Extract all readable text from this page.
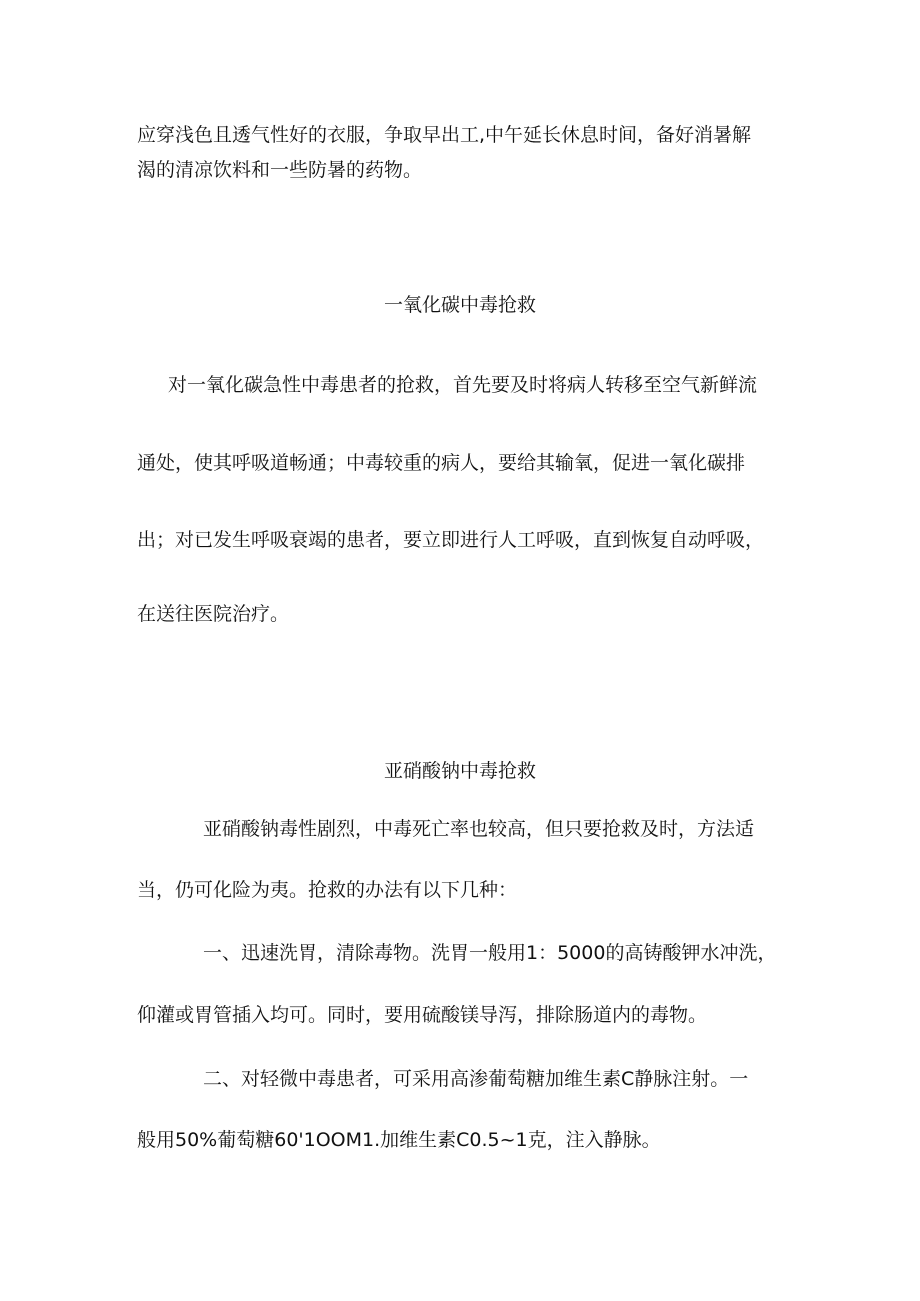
应穿浅色且透气性好的衣服，争取早出工,中午延长休息时间，备好消暑解

渴的清凉饮料和一些防暑的药物。

一氧化碳中毒抢救

对一氧化碳急性中毒患者的抢救，首先要及时将病人转移至空气新鲜流

通处，使其呼吸道畅通；中毒较重的病人，要给其输氧，促进一氧化碳排

出；对已发生呼吸衰竭的患者，要立即进行人工呼吸，直到恢复自动呼吸，

在送往医院治疗。

亚硝酸钠中毒抢救

亚硝酸钠毒性剧烈，中毒死亡率也较高，但只要抢救及时，方法适

当，仍可化险为夷。抢救的办法有以下几种：

一、迅速洗胃，清除毒物。洗胃一般用1：5000的高铸酸钾水冲洗，

仰灌或胃管插入均可。同时，要用硫酸镁导泻，排除肠道内的毒物。

二、对轻微中毒患者，可采用高渗葡萄糖加维生素C静脉注射。一

般用50%葡萄糖60'1OOM1.加维生素C0.5~1克，注入静脉。
